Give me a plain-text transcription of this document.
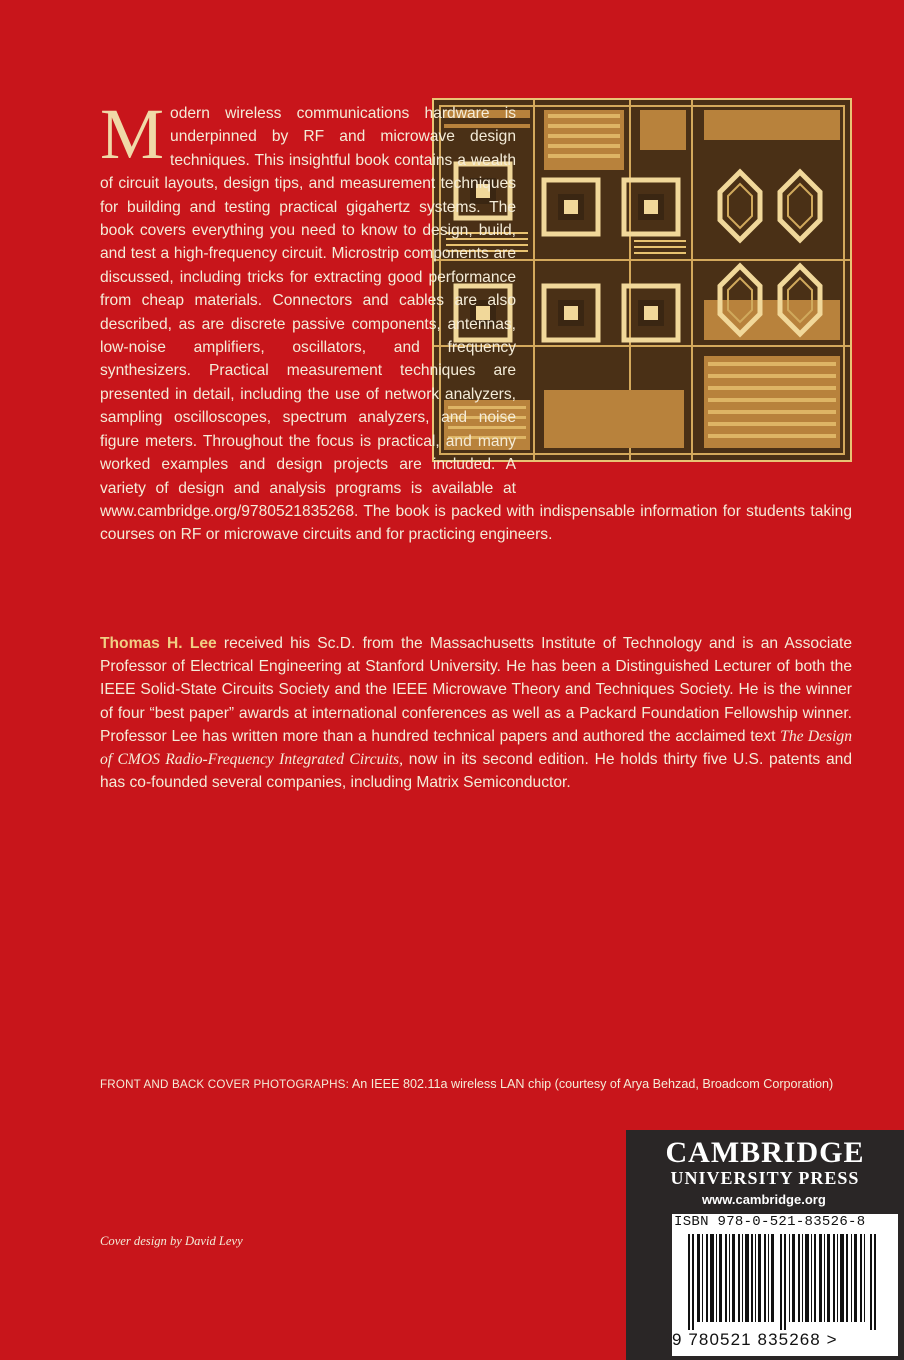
Modern wireless communications hardware is underpinned by RF and microwave design techniques. This insightful book contains a wealth of circuit layouts, design tips, and measurement techniques for building and testing practical gigahertz systems. The book covers everything you need to know to design, build, and test a high-frequency circuit. Microstrip components are discussed, including tricks for extracting good performance from cheap materials. Connectors and cables are also described, as are discrete passive components, antennas, low-noise amplifiers, oscillators, and frequency synthesizers. Practical measurement techniques are presented in detail, including the use of network analyzers, sampling oscilloscopes, spectrum analyzers, and noise figure meters. Throughout the focus is practical, and many worked examples and design projects are included. A variety of design and analysis programs is available at www.cambridge.org/9780521835268. The book is packed with indispensable information for students taking courses on RF or microwave circuits and for practicing engineers.

Thomas H. Lee received his Sc.D. from the Massachusetts Institute of Technology and is an Associate Professor of Electrical Engineering at Stanford University. He has been a Distinguished Lecturer of both the IEEE Solid-State Circuits Society and the IEEE Microwave Theory and Techniques Society. He is the winner of four “best paper” awards at international conferences as well as a Packard Foundation Fellowship winner. Professor Lee has written more than a hundred technical papers and authored the acclaimed text The Design of CMOS Radio-Frequency Integrated Circuits, now in its second edition. He holds thirty five U.S. patents and has co-founded several companies, including Matrix Semiconductor.

FRONT AND BACK COVER PHOTOGRAPHS: An IEEE 802.11a wireless LAN chip (courtesy of Arya Behzad, Broadcom Corporation)

Cover design by David Levy
CAMBRIDGE
UNIVERSITY PRESS
www.cambridge.org
ISBN 978-0-521-83526-8
9 780521 835268 >
